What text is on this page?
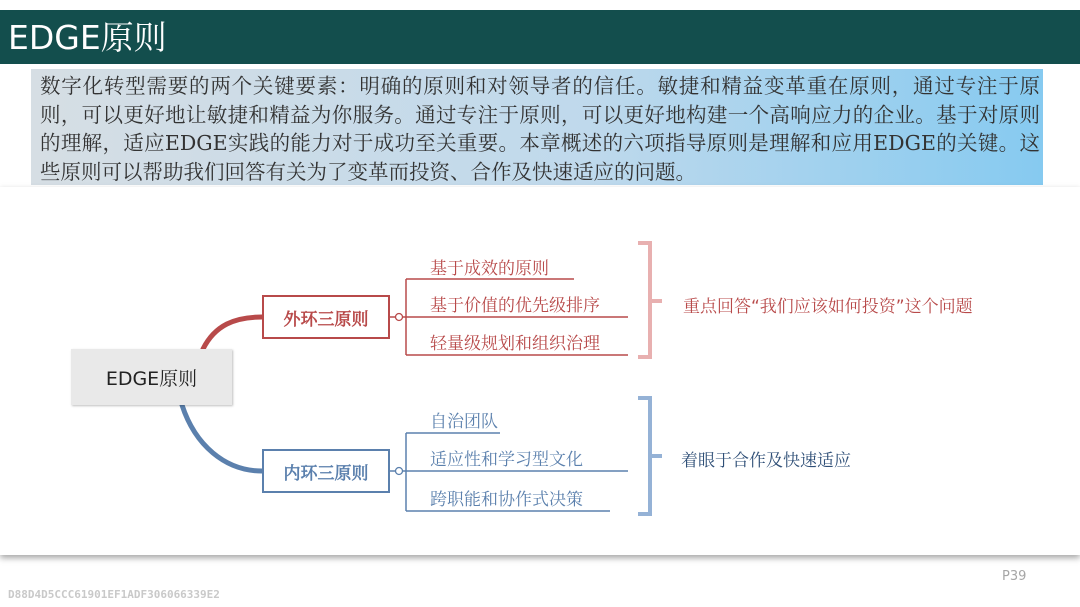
EDGE原则
数字化转型需要的两个关键要素：明确的原则和对领导者的信任。敏捷和精益变革重在原则，通过专注于原则，可以更好地让敏捷和精益为你服务。通过专注于原则，可以更好地构建一个高响应力的企业。基于对原则的理解，适应EDGE实践的能力对于成功至关重要。本章概述的六项指导原则是理解和应用EDGE的关键。这些原则可以帮助我们回答有关为了变革而投资、合作及快速适应的问题。
EDGE原则
外环三原则
内环三原则
基于成效的原则
基于价值的优先级排序
轻量级规划和组织治理
自治团队
适应性和学习型文化
跨职能和协作式决策
重点回答“我们应该如何投资”这个问题
着眼于合作及快速适应
P39
D88D4D5CCC61901EF1ADF306066339E2
